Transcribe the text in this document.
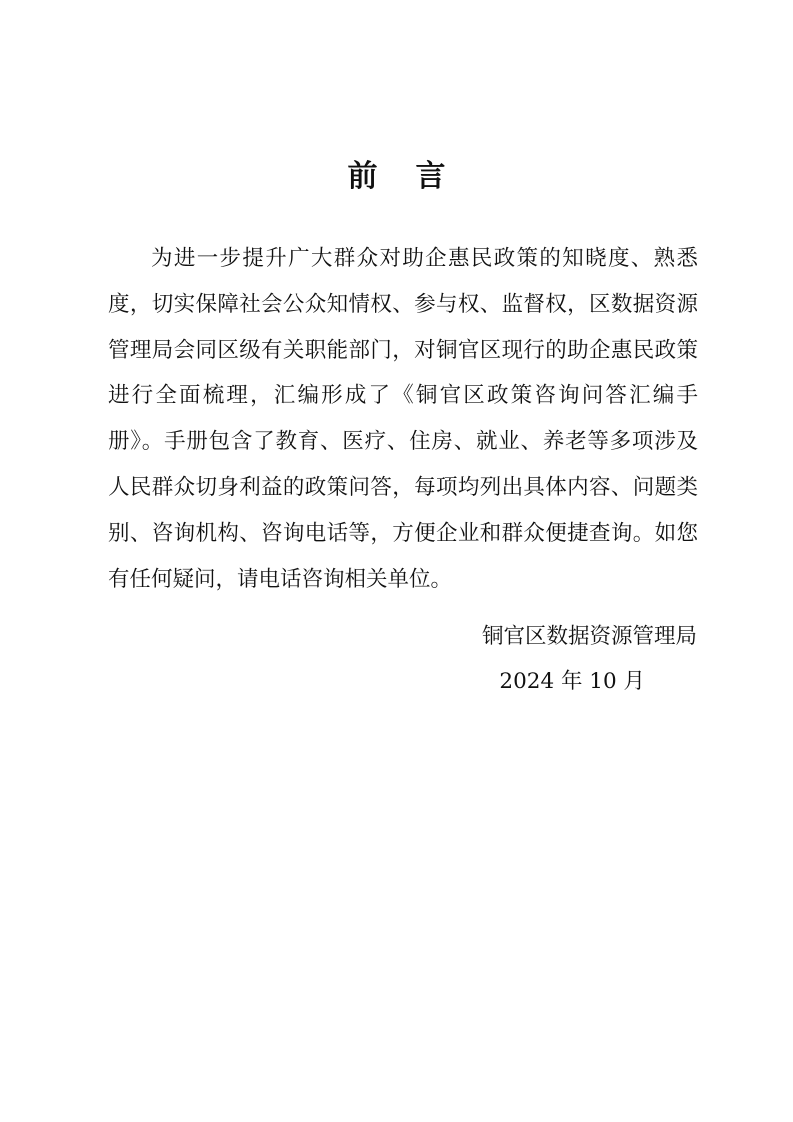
前言

为进一步提升广大群众对助企惠民政策的知晓度、熟悉度，切实保障社会公众知情权、参与权、监督权，区数据资源管理局会同区级有关职能部门，对铜官区现行的助企惠民政策进行全面梳理，汇编形成了《铜官区政策咨询问答汇编手册》。手册包含了教育、医疗、住房、就业、养老等多项涉及人民群众切身利益的政策问答，每项均列出具体内容、问题类别、咨询机构、咨询电话等，方便企业和群众便捷查询。如您有任何疑问，请电话咨询相关单位。

铜官区数据资源管理局
2024 年 10 月
